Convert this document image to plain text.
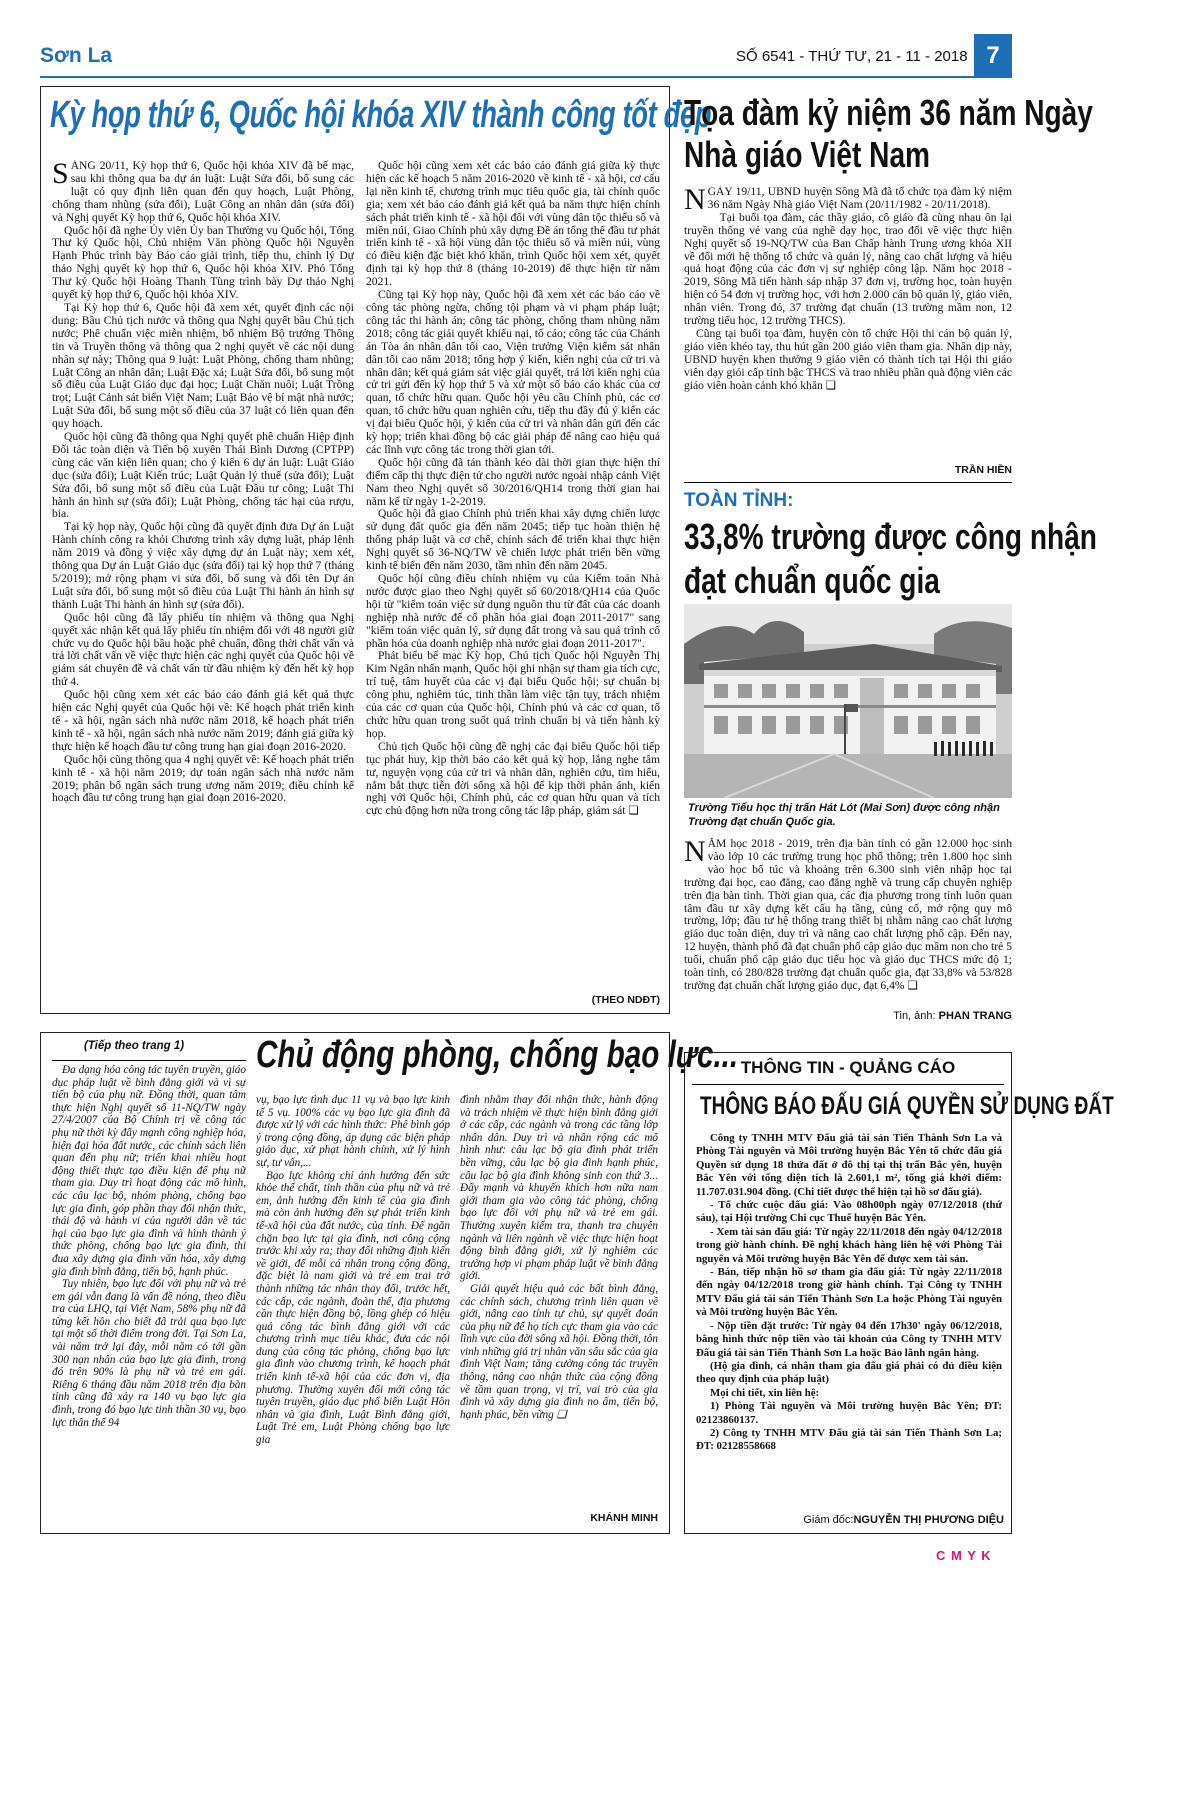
Sơn La	SỐ 6541 - THỨ TƯ, 21 - 11 - 2018 7
Kỳ họp thứ 6, Quốc hội khóa XIV thành công tốt đẹp

SÁNG 20/11, Kỳ họp thứ 6, Quốc hội khóa XIV đã bế mạc, sau khi thông qua ba dự án luật: Luật Sửa đổi, bổ sung các luật có quy định liên quan đến quy hoạch, Luật Phòng, chống tham nhũng (sửa đổi), Luật Công an nhân dân (sửa đổi) và Nghị quyết Kỳ họp thứ 6, Quốc hội khóa XIV.

Quốc hội đã nghe Ủy viên Ủy ban Thường vụ Quốc hội, Tổng Thư ký Quốc hội, Chủ nhiệm Văn phòng Quốc hội Nguyễn Hạnh Phúc trình bày Báo cáo giải trình, tiếp thu, chỉnh lý Dự thảo Nghị quyết kỳ họp thứ 6, Quốc hội khóa XIV. Phó Tổng Thư ký Quốc hội Hoàng Thanh Tùng trình bày Dự thảo Nghị quyết kỳ họp thứ 6, Quốc hội khóa XIV.

Tại Kỳ họp thứ 6, Quốc hội đã xem xét, quyết định các nội dung: Bầu Chủ tịch nước và thông qua Nghị quyết bầu Chủ tịch nước; Phê chuẩn việc miễn nhiệm, bổ nhiệm Bộ trưởng Thông tin và Truyền thông và thông qua 2 nghị quyết về các nội dung nhân sự này; Thông qua 9 luật: Luật Phòng, chống tham nhũng; Luật Công an nhân dân; Luật Đặc xá; Luật Sửa đổi, bổ sung một số điều của Luật Giáo dục đại học; Luật Chăn nuôi; Luật Trồng trọt; Luật Cảnh sát biển Việt Nam; Luật Bảo vệ bí mật nhà nước; Luật Sửa đổi, bổ sung một số điều của 37 luật có liên quan đến quy hoạch.

Quốc hội cũng đã thông qua Nghị quyết phê chuẩn Hiệp định Đối tác toàn diện và Tiến bộ xuyên Thái Bình Dương (CPTPP) cùng các văn kiện liên quan; cho ý kiến 6 dự án luật: Luật Giáo dục (sửa đổi); Luật Kiến trúc; Luật Quản lý thuế (sửa đổi); Luật Sửa đổi, bổ sung một số điều của Luật Đầu tư công; Luật Thi hành án hình sự (sửa đổi); Luật Phòng, chống tác hại của rượu, bia.

Tại kỳ họp này, Quốc hội cũng đã quyết định đưa Dự án Luật Hành chính công ra khỏi Chương trình xây dựng luật, pháp lệnh năm 2019 và đồng ý việc xây dựng dự án Luật này; xem xét, thông qua Dự án Luật Giáo dục (sửa đổi) tại kỳ họp thứ 7 (tháng 5/2019); mở rộng phạm vi sửa đổi, bổ sung và đổi tên Dự án Luật sửa đổi, bổ sung một số điều của Luật Thi hành án hình sự thành Luật Thi hành án hình sự (sửa đổi).

Quốc hội cũng đã lấy phiếu tín nhiệm và thông qua Nghị quyết xác nhận kết quả lấy phiếu tín nhiệm đối với 48 người giữ chức vụ do Quốc hội bầu hoặc phê chuẩn, đồng thời chất vấn và trả lời chất vấn về việc thực hiện các nghị quyết của Quốc hội về giám sát chuyên đề và chất vấn từ đầu nhiệm kỳ đến hết kỳ họp thứ 4.

Quốc hội cũng xem xét các báo cáo đánh giá kết quả thực hiện các Nghị quyết của Quốc hội về: Kế hoạch phát triển kinh tế - xã hội, ngân sách nhà nước năm 2018, kế hoạch phát triển kinh tế - xã hội, ngân sách nhà nước năm 2019; đánh giá giữa kỳ thực hiện kế hoạch đầu tư công trung hạn giai đoạn 2016-2020.

Quốc hội cũng thông qua 4 nghị quyết về: Kế hoạch phát triển kinh tế - xã hội năm 2019; dự toán ngân sách nhà nước năm 2019; phân bổ ngân sách trung ương năm 2019; điều chỉnh kế hoạch đầu tư công trung hạn giai đoạn 2016-2020.

Quốc hội cũng xem xét các báo cáo đánh giá giữa kỳ thực hiện các kế hoạch 5 năm 2016-2020 về kinh tế - xã hội, cơ cấu lại nền kinh tế, chương trình mục tiêu quốc gia, tài chính quốc gia; xem xét báo cáo đánh giá kết quả ba năm thực hiện chính sách phát triển kinh tế - xã hội đối với vùng dân tộc thiểu số và miền núi, Giao Chính phủ xây dựng Đề án tổng thể đầu tư phát triển kinh tế - xã hội vùng dân tộc thiểu số và miền núi, vùng có điều kiện đặc biệt khó khăn, trình Quốc hội xem xét, quyết định tại kỳ họp thứ 8 (tháng 10-2019) để thực hiện từ năm 2021.

Cũng tại Kỳ họp này, Quốc hội đã xem xét các báo cáo về công tác phòng ngừa, chống tội phạm và vi phạm pháp luật; công tác thi hành án; công tác phòng, chống tham nhũng năm 2018; công tác giải quyết khiếu nại, tố cáo; công tác của Chánh án Tòa án nhân dân tối cao, Viện trưởng Viện kiểm sát nhân dân tối cao năm 2018; tổng hợp ý kiến, kiến nghị của cử tri và nhân dân; kết quả giám sát việc giải quyết, trả lời kiến nghị của cử tri gửi đến kỳ họp thứ 5 và xử một số báo cáo khác của cơ quan, tổ chức hữu quan. Quốc hội yêu cầu Chính phủ, các cơ quan, tổ chức hữu quan nghiên cứu, tiếp thu đầy đủ ý kiến các vị đại biểu Quốc hội, ý kiến của cử tri và nhân dân gửi đến các kỳ họp; triển khai đồng bộ các giải pháp để nâng cao hiệu quả các lĩnh vực công tác trong thời gian tới.

Quốc hội cũng đã tán thành kéo dài thời gian thực hiện thí điểm cấp thị thực điện tử cho người nước ngoài nhập cảnh Việt Nam theo Nghị quyết số 30/2016/QH14 trong thời gian hai năm kể từ ngày 1-2-2019.

Quốc hội đã giao Chính phủ triển khai xây dựng chiến lược sử dụng đất quốc gia đến năm 2045; tiếp tục hoàn thiện hệ thống pháp luật và cơ chế, chính sách để triển khai thực hiện Nghị quyết số 36-NQ/TW về chiến lược phát triển bền vững kinh tế biển đến năm 2030, tầm nhìn đến năm 2045.

Quốc hội cũng điều chỉnh nhiệm vụ của Kiểm toán Nhà nước được giao theo Nghị quyết số 60/2018/QH14 của Quốc hội từ "kiểm toán việc sử dụng nguồn thu từ đất của các doanh nghiệp nhà nước để cổ phần hóa giai đoạn 2011-2017" sang "kiểm toán việc quản lý, sử dụng đất trong và sau quá trình cổ phần hóa của doanh nghiệp nhà nước giai đoạn 2011-2017".

Phát biểu bế mạc Kỳ họp, Chủ tịch Quốc hội Nguyễn Thị Kim Ngân nhấn mạnh, Quốc hội ghi nhận sự tham gia tích cực, trí tuệ, tâm huyết của các vị đại biểu Quốc hội; sự chuẩn bị công phu, nghiêm túc, tinh thần làm việc tận tụy, trách nhiệm của các cơ quan của Quốc hội, Chính phủ và các cơ quan, tổ chức hữu quan trong suốt quá trình chuẩn bị và tiến hành kỳ họp.

Chủ tịch Quốc hội cũng đề nghị các đại biểu Quốc hội tiếp tục phát huy, kịp thời báo cáo kết quả kỳ họp, lắng nghe tâm tư, nguyện vọng của cử tri và nhân dân, nghiên cứu, tìm hiểu, nắm bắt thực tiễn đời sống xã hội để kịp thời phản ánh, kiến nghị với Quốc hội, Chính phủ, các cơ quan hữu quan và tích cực chủ động hơn nữa trong công tác lập pháp, giám sát ❑

(THEO NDĐT)
Tọa đàm kỷ niệm 36 năm Ngày
Nhà giáo Việt Nam

NGÀY 19/11, UBND huyện Sông Mã đã tổ chức tọa đàm kỷ niệm 36 năm Ngày Nhà giáo Việt Nam (20/11/1982 - 20/11/2018).

Tại buổi tọa đàm, các thầy giáo, cô giáo đã cùng nhau ôn lại truyền thống vẻ vang của nghề dạy học, trao đổi về việc thực hiện Nghị quyết số 19-NQ/TW của Ban Chấp hành Trung ương khóa XII về đổi mới hệ thống tổ chức và quản lý, nâng cao chất lượng và hiệu quả hoạt động của các đơn vị sự nghiệp công lập. Năm học 2018 - 2019, Sông Mã tiến hành sáp nhập 37 đơn vị, trường học, toàn huyện hiện có 54 đơn vị trường học, với hơn 2.000 cán bộ quản lý, giáo viên, nhân viên. Trong đó, 37 trường đạt chuẩn (13 trường mầm non, 12 trường tiểu học, 12 trường THCS).

Cũng tại buổi tọa đàm, huyện còn tổ chức Hội thi cán bộ quản lý, giáo viên khéo tay, thu hút gần 200 giáo viên tham gia. Nhân dịp này, UBND huyện khen thưởng 9 giáo viên có thành tích tại Hội thi giáo viên dạy giỏi cấp tỉnh bậc THCS và trao nhiều phần quà động viên các giáo viên hoàn cảnh khó khăn ❑

TRẦN HIỀN
TOÀN TỈNH:
33,8% trường được công nhận
đạt chuẩn quốc gia
Trường Tiểu học thị trấn Hát Lót (Mai Sơn) được công nhận
Trường đạt chuẩn Quốc gia.

NĂM học 2018 - 2019, trên địa bàn tỉnh có gần 12.000 học sinh vào lớp 10 các trường trung học phổ thông; trên 1.800 học sinh vào học bổ túc và khoảng trên 6.300 sinh viên nhập học tại trường đại học, cao đẳng, cao đẳng nghề và trung cấp chuyên nghiệp trên địa bàn tỉnh. Thời gian qua, các địa phương trong tỉnh luôn quan tâm đầu tư xây dựng kết cấu hạ tầng, củng cố, mở rộng quy mô trường, lớp; đầu tư hệ thống trang thiết bị nhằm nâng cao chất lượng giáo dục toàn diện, duy trì và nâng cao chất lượng phổ cập. Đến nay, 12 huyện, thành phố đã đạt chuẩn phổ cập giáo dục mầm non cho trẻ 5 tuổi, chuẩn phổ cập giáo dục tiểu học và giáo dục THCS mức độ 1; toàn tỉnh, có 280/828 trường đạt chuẩn quốc gia, đạt 33,8% và 53/828 trường đạt chuẩn chất lượng giáo dục, đạt 6,4% ❑

Tin, ảnh: PHAN TRANG
(Tiếp theo trang 1) Chủ động phòng, chống bạo lực...

Đa dạng hóa công tác tuyên truyền, giáo dục pháp luật về bình đẳng giới và vì sự tiến bộ của phụ nữ. Đồng thời, quan tâm thực hiện Nghị quyết số 11-NQ/TW ngày 27/4/2007 của Bộ Chính trị về công tác phụ nữ thời kỳ đẩy mạnh công nghiệp hóa, hiện đại hóa đất nước, các chính sách liên quan đến phụ nữ; triển khai nhiều hoạt động thiết thực tạo điều kiện để phụ nữ tham gia. Duy trì hoạt động các mô hình, các câu lạc bộ, nhóm phòng, chống bạo lực gia đình, góp phần thay đổi nhận thức, thái độ và hành vi của người dân về tác hại của bạo lực gia đình và hình thành ý thức phòng, chống bạo lực gia đình, thi đua xây dựng gia đình văn hóa, xây dựng gia đình bình đẳng, tiến bộ, hạnh phúc.

Tuy nhiên, bạo lực đối với phụ nữ và trẻ em gái vẫn đang là vấn đề nóng, theo điều tra của LHQ, tại Việt Nam, 58% phụ nữ đã từng kết hôn cho biết đã trải qua bạo lực tại một số thời điểm trong đời. Tại Sơn La, vài năm trở lại đây, mỗi năm có tới gần 300 nạn nhân của bạo lực gia đình, trong đó trên 90% là phụ nữ và trẻ em gái. Riêng 6 tháng đầu năm 2018 trên địa bàn tỉnh cũng đã xảy ra 140 vụ bạo lực gia đình, trong đó bạo lực tinh thần 30 vụ, bạo lực thân thể 94

vụ, bạo lực tình dục 11 vụ và bạo lực kinh tế 5 vụ. 100% các vụ bạo lực gia đình đã được xử lý với các hình thức: Phê bình góp ý trong cộng đồng, áp dụng các biện pháp giáo dục, xử phạt hành chính, xử lý hình sự, tư vấn,...

Bạo lực không chỉ ảnh hưởng đến sức khỏe thể chất, tinh thần của phụ nữ và trẻ em, ảnh hưởng đến kinh tế của gia đình mà còn ảnh hưởng đến sự phát triển kinh tế-xã hội của đất nước, của tỉnh. Để ngăn chặn bạo lực tại gia đình, nơi công cộng trước khi xảy ra; thay đổi những định kiến về giới, để mỗi cá nhân trong cộng đồng, đặc biệt là nam giới và trẻ em trai trở thành những tác nhân thay đổi, trước hết, các cấp, các ngành, đoàn thể, địa phương cần thực hiện đồng bộ, lồng ghép có hiệu quả công tác bình đẳng giới với các chương trình mục tiêu khác, đưa các nội dung của công tác phòng, chống bạo lực gia đình vào chương trình, kế hoạch phát triển kinh tế-xã hội của các đơn vị, địa phương. Thường xuyên đổi mới công tác tuyên truyền, giáo dục phổ biến Luật Hôn nhân và gia đình, Luật Bình đẳng giới, Luật Trẻ em, Luật Phòng chống bạo lực gia

đình nhằm thay đổi nhận thức, hành động và trách nhiệm về thực hiện bình đẳng giới ở các cấp, các ngành và trong các tầng lớp nhân dân. Duy trì và nhân rộng các mô hình như: câu lạc bộ gia đình phát triển bền vững, câu lạc bộ gia đình hạnh phúc, câu lạc bộ gia đình không sinh con thứ 3... Đẩy mạnh và khuyến khích hơn nữa nam giới tham gia vào công tác phòng, chống bạo lực đối với phụ nữ và trẻ em gái. Thường xuyên kiểm tra, thanh tra chuyên ngành và liên ngành về việc thực hiện hoạt động bình đẳng giới, xử lý nghiêm các trường hợp vi phạm pháp luật về bình đẳng giới.

Giải quyết hiệu quả các bất bình đẳng, các chính sách, chương trình liên quan về giới, nâng cao tính tự chủ, sự quyết đoán của phụ nữ để họ tích cực tham gia vào các lĩnh vực của đời sống xã hội. Đồng thời, tôn vinh những giá trị nhân văn sâu sắc của gia đình Việt Nam; tăng cường công tác truyền thông, nâng cao nhận thức của cộng đồng về tầm quan trọng, vị trí, vai trò của gia đình và xây dựng gia đình no ấm, tiến bộ, hạnh phúc, bền vững ❑

KHÁNH MINH
THÔNG TIN - QUẢNG CÁO
THÔNG BÁO ĐẤU GIÁ QUYỀN SỬ DỤNG ĐẤT

Công ty TNHH MTV Đấu giá tài sản Tiến Thành Sơn La và Phòng Tài nguyên và Môi trường huyện Bắc Yên tổ chức đấu giá Quyền sử dụng 18 thửa đất ở đô thị tại thị trấn Bắc yên, huyện Bắc Yên với tổng diện tích là 2.601,1 m², tổng giá khởi điểm: 11.707.031.904 đồng. (Chi tiết được thể hiện tại hồ sơ đấu giá).

- Tổ chức cuộc đấu giá: Vào 08h00ph ngày 07/12/2018 (thứ sáu), tại Hội trường Chi cục Thuế huyện Bắc Yên.

- Xem tài sản đấu giá: Từ ngày 22/11/2018 đến ngày 04/12/2018 trong giờ hành chính. Đề nghị khách hàng liên hệ với Phòng Tài nguyên và Môi trường huyện Bắc Yên để được xem tài sản.

- Bán, tiếp nhận hồ sơ tham gia đấu giá: Từ ngày 22/11/2018 đến ngày 04/12/2018 trong giờ hành chính. Tại Công ty TNHH MTV Đấu giá tài sản Tiến Thành Sơn La hoặc Phòng Tài nguyên và Môi trường huyện Bắc Yên.

- Nộp tiền đặt trước: Từ ngày 04 đến 17h30' ngày 06/12/2018, bằng hình thức nộp tiền vào tài khoản của Công ty TNHH MTV Đấu giá tài sản Tiến Thành Sơn La hoặc Bảo lãnh ngân hàng.

(Hộ gia đình, cá nhân tham gia đấu giá phải có đủ điều kiện theo quy định của pháp luật)

Mọi chi tiết, xin liên hệ:

1) Phòng Tài nguyên và Môi trường huyện Bắc Yên; ĐT: 02123860137.

2) Công ty TNHH MTV Đấu giá tài sản Tiến Thành Sơn La; ĐT: 02128558668

Giám đốc:NGUYỄN THỊ PHƯƠNG DIỆU
C M Y K
